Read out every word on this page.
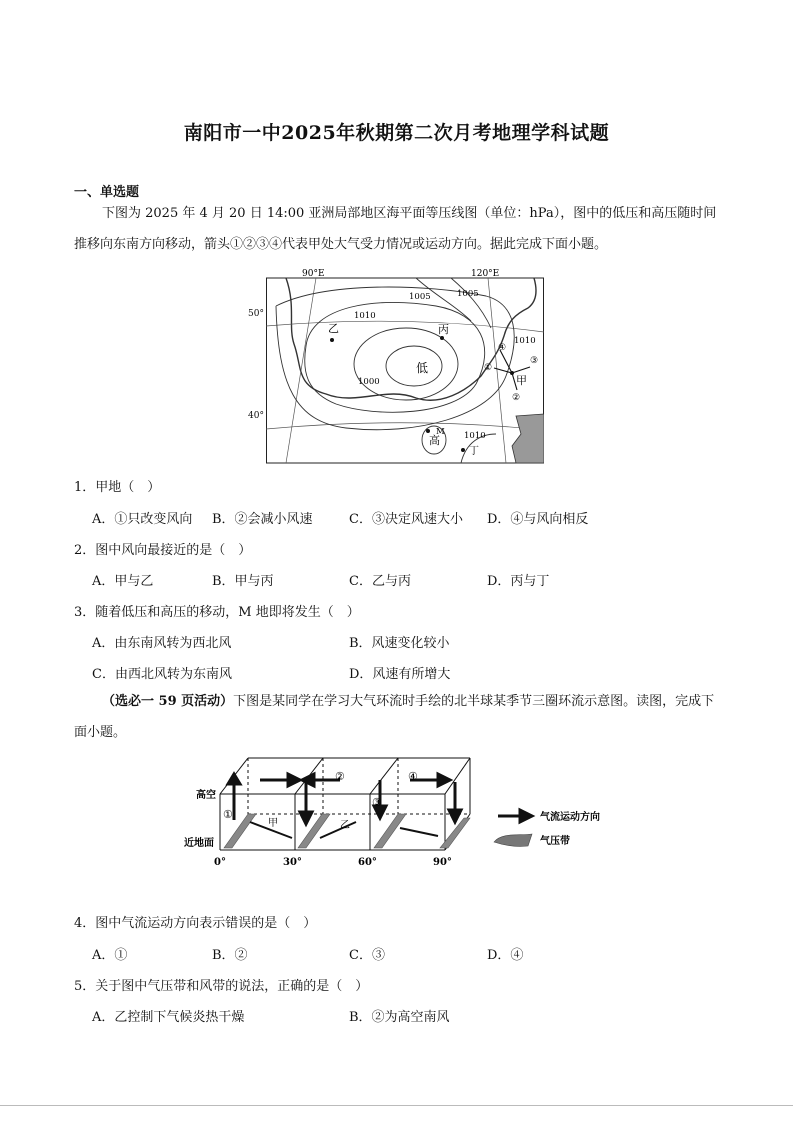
南阳市一中2025年秋期第二次月考地理学科试题
一、单选题
下图为 2025 年 4 月 20 日 14:00 亚洲局部地区海平面等压线图（单位：hPa），图中的低压和高压随时间推移向东南方向移动，箭头①②③④代表甲处大气受力情况或运动方向。据此完成下面小题。
90°E	120°E
1005	1005
1010
1000
1010
1010
乙	丙
低
④
①
③
②
甲
M
高
丁
50°
40°
1．甲地（　）
A．①只改变风向 B．②会减小风速	C．③决定风速大小 D．④与风向相反
2．图中风向最接近的是（　）
A．甲与乙	B．甲与丙	C．乙与丙	D．丙与丁
3．随着低压和高压的移动，M 地即将发生（　）
A．由东南风转为西北风	B．风速变化较小
C．由西北风转为东南风	D．风速有所增大
（选必一 59 页活动）下图是某同学在学习大气环流时手绘的北半球某季节三圈环流示意图。读图，完成下面小题。
①
②
③
④
甲	乙
0°	30°	60°	90°
高空
近地面
气流运动方向
气压带
4．图中气流运动方向表示错误的是（　）
A．①	B．②	C．③	D．④
5．关于图中气压带和风带的说法，正确的是（　）
A．乙控制下气候炎热干燥	B．②为高空南风
